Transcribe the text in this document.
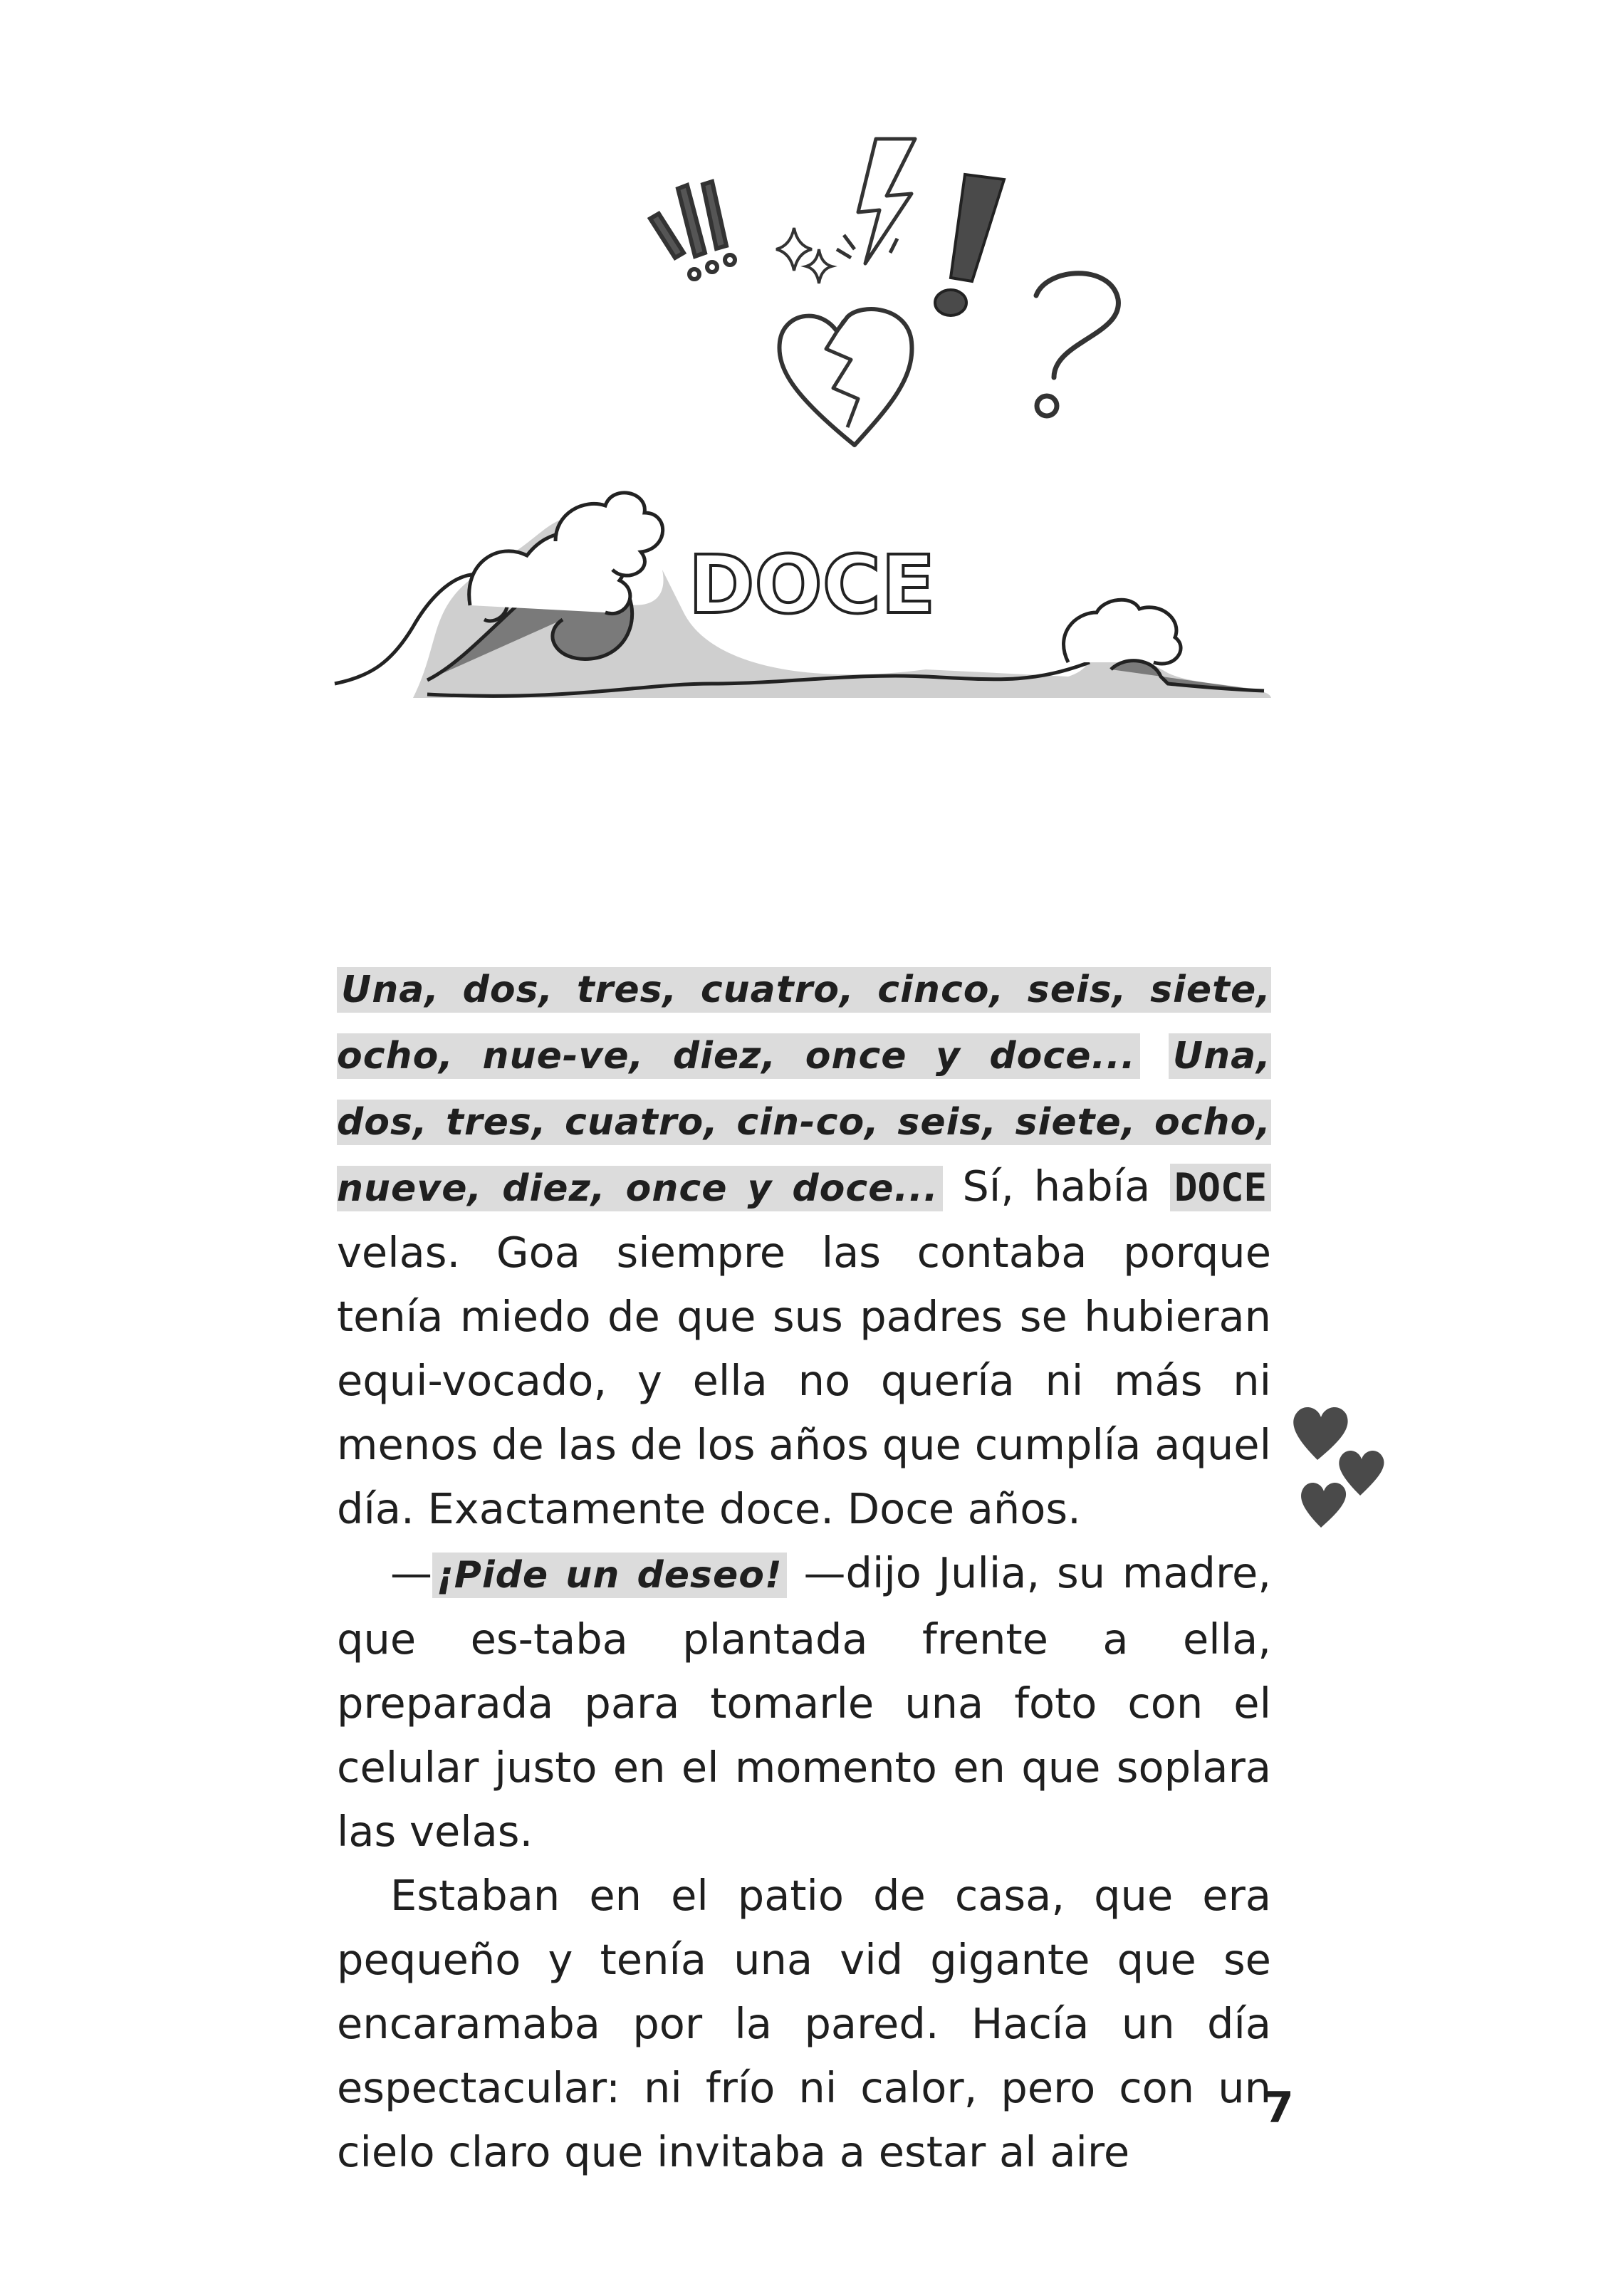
DOCE

Una, dos, tres, cuatro, cinco, seis, siete, ocho, nue-ve, diez, once y doce... Una, dos, tres, cuatro, cin-co, seis, siete, ocho, nueve, diez, once y doce... Sí, había DOCE velas. Goa siempre las contaba porque tenía miedo de que sus padres se hubieran equi-vocado, y ella no quería ni más ni menos de las de los años que cumplía aquel día. Exactamente doce. Doce años.

— ¡Pide un deseo! —dijo Julia, su madre, que es-taba plantada frente a ella, preparada para tomarle una foto con el celular justo en el momento en que soplara las velas.

Estaban en el patio de casa, que era pequeño y tenía una vid gigante que se encaramaba por la pared. Hacía un día espectacular: ni frío ni calor, pero con un cielo claro que invitaba a estar al aire

7
